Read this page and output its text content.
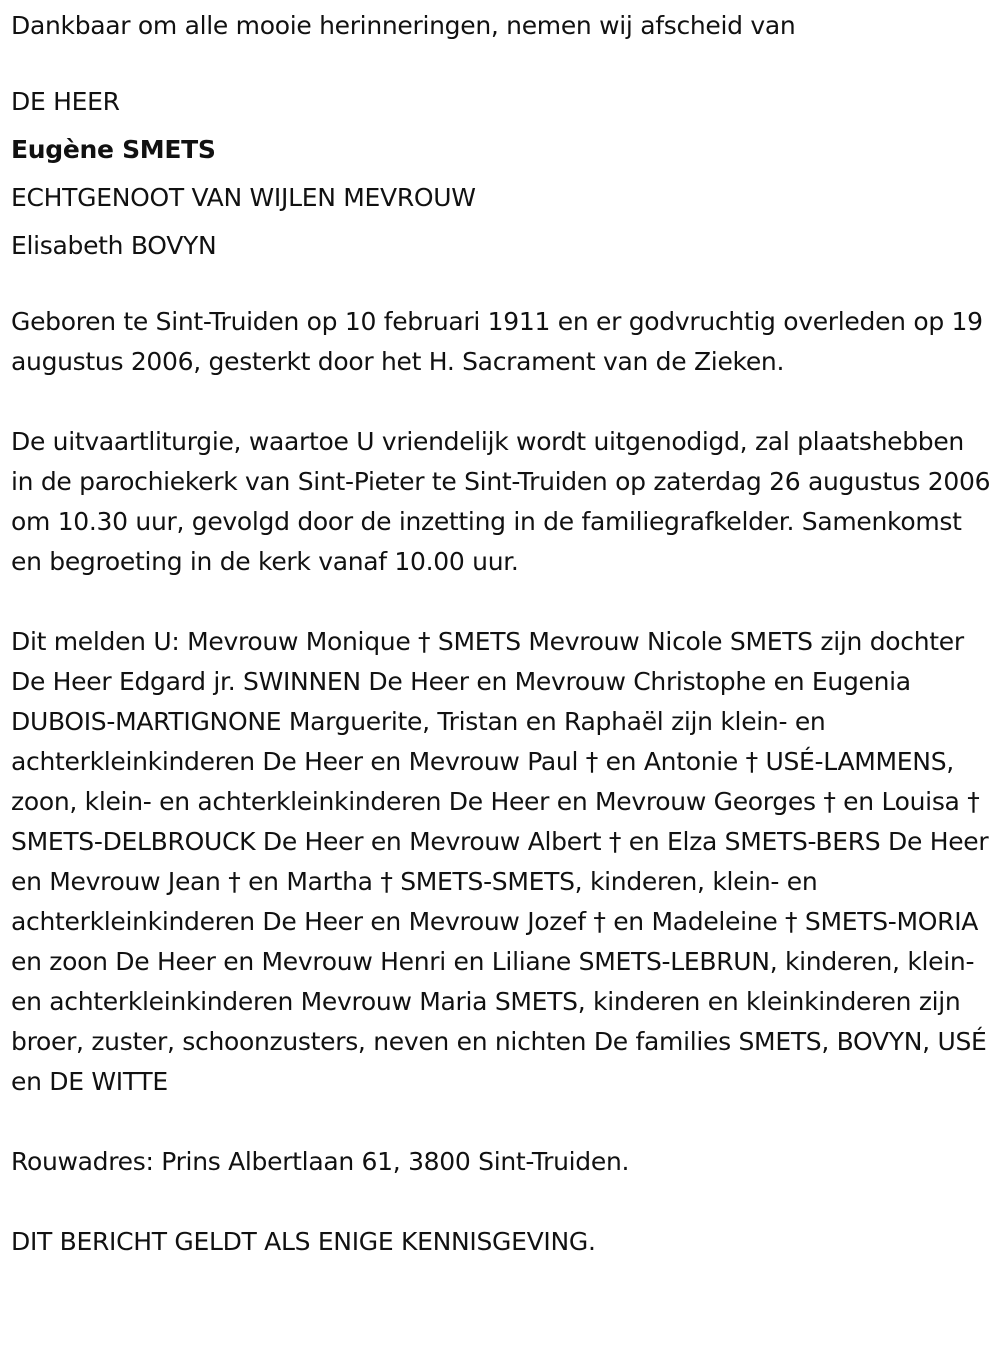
Dankbaar om alle mooie herinneringen, nemen wij afscheid van

DE HEER

Eugène SMETS

ECHTGENOOT VAN WIJLEN MEVROUW

Elisabeth BOVYN

Geboren te Sint-Truiden op 10 februari 1911 en er godvruchtig overleden op 19 augustus 2006, gesterkt door het H. Sacrament van de Zieken.

De uitvaartliturgie, waartoe U vriendelijk wordt uitgenodigd, zal plaatshebben in de parochiekerk van Sint-Pieter te Sint-Truiden op zaterdag 26 augustus 2006 om 10.30 uur, gevolgd door de inzetting in de familiegrafkelder. Samenkomst en begroeting in de kerk vanaf 10.00 uur.

Dit melden U: Mevrouw Monique † SMETS Mevrouw Nicole SMETS zijn dochter De Heer Edgard jr. SWINNEN De Heer en Mevrouw Christophe en Eugenia DUBOIS-MARTIGNONE Marguerite, Tristan en Raphaël zijn klein- en achterkleinkinderen De Heer en Mevrouw Paul † en Antonie † USÉ-LAMMENS, zoon, klein- en achterkleinkinderen De Heer en Mevrouw Georges † en Louisa † SMETS-DELBROUCK De Heer en Mevrouw Albert † en Elza SMETS-BERS De Heer en Mevrouw Jean † en Martha † SMETS-SMETS, kinderen, klein- en achterkleinkinderen De Heer en Mevrouw Jozef † en Madeleine † SMETS-MORIA en zoon De Heer en Mevrouw Henri en Liliane SMETS-LEBRUN, kinderen, klein- en achterkleinkinderen Mevrouw Maria SMETS, kinderen en kleinkinderen zijn broer, zuster, schoonzusters, neven en nichten De families SMETS, BOVYN, USÉ en DE WITTE

Rouwadres: Prins Albertlaan 61, 3800 Sint-Truiden.

DIT BERICHT GELDT ALS ENIGE KENNISGEVING.
